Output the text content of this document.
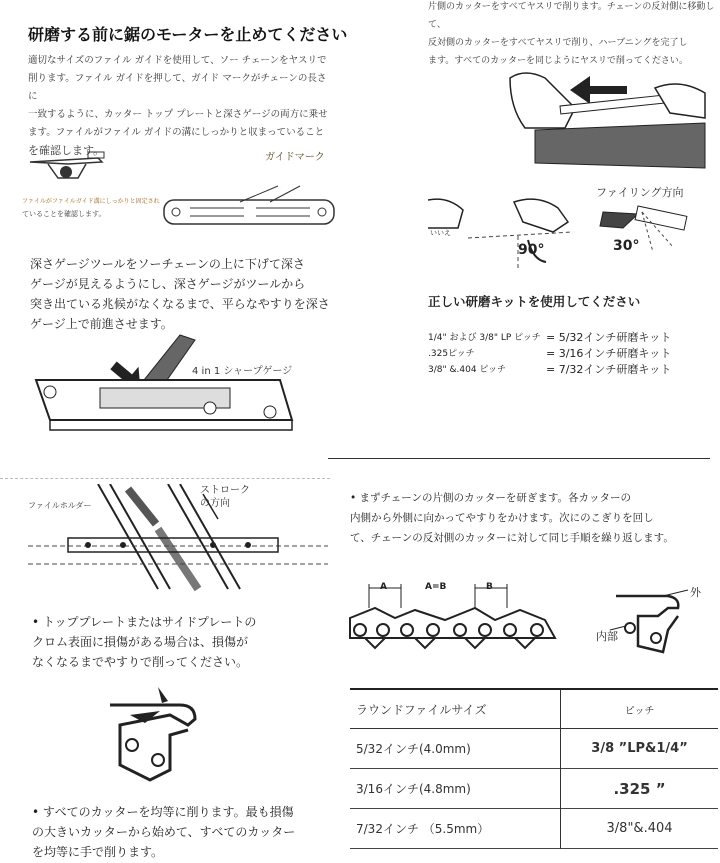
研磨する前に鋸のモーターを止めてください
適切なサイズのファイル ガイドを使用して、ソー チェーンをヤスリで
削ります。ファイル ガイドを押して、ガイド マークがチェーンの長さに
一致するように、カッター トップ プレートと深さゲージの両方に乗せ
ます。ファイルがファイル ガイドの溝にしっかりと収まっていること
を確認します。
ファイルがファイルガイド溝にしっかりと固定され
ていることを確認します。
ガイドマーク
深さゲージツールをソーチェーンの上に下げて深さ
ゲージが見えるようにし、深さゲージがツールから
突き出ている兆候がなくなるまで、平らなやすりを深さ
ゲージ上で前進させます。
4 in 1 シャープゲージ
ストローク
の方向
ファイルホルダー
• トッププレートまたはサイドプレートの
クロム表面に損傷がある場合は、損傷が
なくなるまでやすりで削ってください。
• すべてのカッターを均等に削ります。最も損傷
の大きいカッターから始めて、すべてのカッター
を均等に手で削ります。
片側のカッターをすべてヤスリで削ります。チェーンの反対側に移動して、
反対側のカッターをすべてヤスリで削り、ハーブニングを完了し
ます。すべてのカッターを同じようにヤスリで削ってください。
ファイリング方向
いいえ
90°	30°
正しい研磨キットを使用してください
1/4" および 3/8" LP ピッチ = 5/32インチ研磨キット
.325ピッチ	= 3/16インチ研磨キット
3/8" &.404 ピッチ	= 7/32インチ研磨キット
• まずチェーンの片側のカッターを研ぎます。各カッターの
内側から外側に向かってやすりをかけます。次にのこぎりを回し
て、チェーンの反対側のカッターに対して同じ手順を繰り返します。
A	A=B	B	外
内部
ラウンドファイルサイズ	ピッチ
5/32インチ(4.0mm)	3/8 ”LP&1/4”
3/16インチ(4.8mm)	.325 ”
7/32インチ （5.5mm）	3/8"&.404
